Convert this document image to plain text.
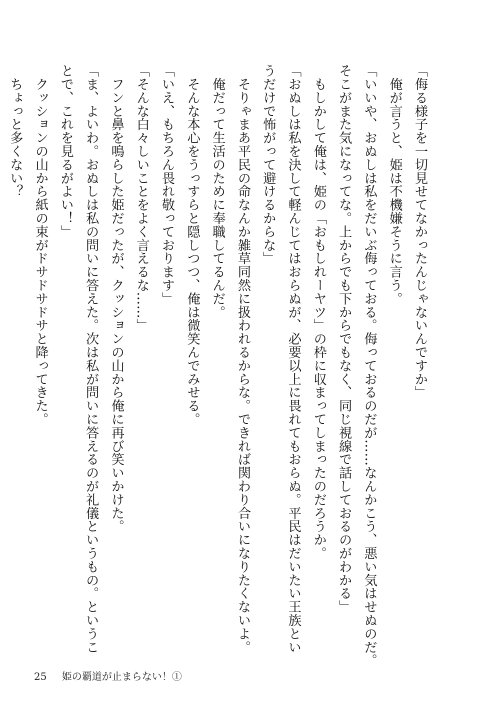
「侮る様子を一切見せてなかったんじゃないんですか」
　俺が言うと、姫は不機嫌そうに言う。
「いいや、おぬしは私をだいぶ侮っておる。侮っておるのだが……なんかこう、悪い気はせぬのだ。
そこがまた気になってな。上からでも下からでもなく、同じ視線で話しておるのがわかる」
　もしかして俺は、姫の「おもしれーヤツ」の枠に収まってしまったのだろうか。
「おぬしは私を決して軽んじてはおらぬが、必要以上に畏れてもおらぬ。平民はだいたい王族とい
うだけで怖がって避けるからな」
　そりゃまあ平民の命なんか雑草同然に扱われるからな。できれば関わり合いになりたくないよ。
　俺だって生活のために奉職してるんだ。
　そんな本心をうっすらと隠しつつ、俺は微笑んでみせる。
「いえ、もちろん畏れ敬っております」
「そんな白々しいことをよく言えるな……」
　フンと鼻を鳴らした姫だったが、クッションの山から俺に再び笑いかけた。
「ま、よいわ。おぬしは私の問いに答えた。次は私が問いに答えるのが礼儀というもの。というこ
とで、これを見るがよい！」
　クッションの山から紙の束がドサドサドサと降ってきた。
　ちょっと多くない？
25 姫の覇道が止まらない！①
